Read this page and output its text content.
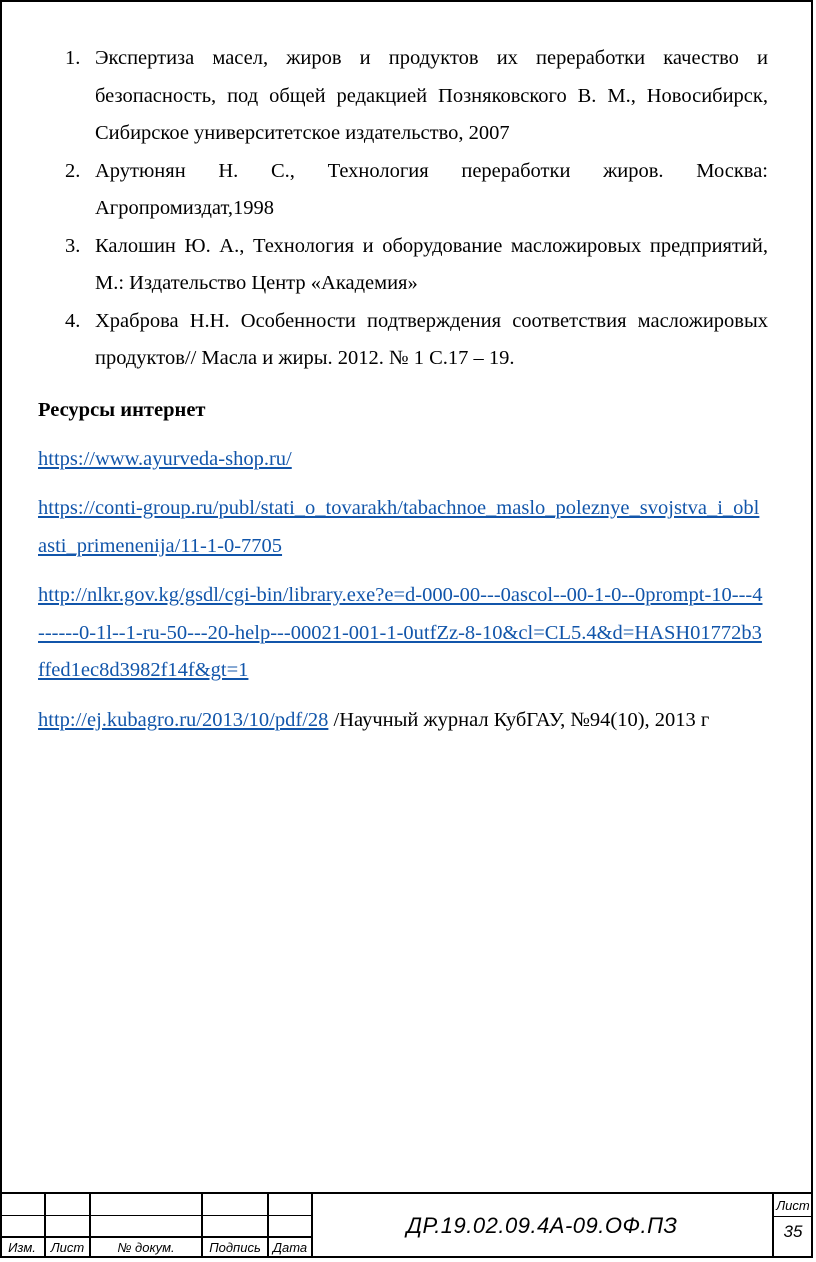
1. Экспертиза масел, жиров и продуктов их переработки качество и безопасность, под общей редакцией Позняковского В. М., Новосибирск, Сибирское университетское издательство, 2007
2. Арутюнян Н. С., Технология переработки жиров. Москва: Агропромиздат,1998
3. Калошин Ю. А., Технология и оборудование масложировых предприятий, М.: Издательство Центр «Академия»
4. Храброва Н.Н. Особенности подтверждения соответствия масложировых продуктов// Масла и жиры. 2012. № 1 С.17 – 19.
Ресурсы интернет
https://www.ayurveda-shop.ru/
https://conti-group.ru/publ/stati_o_tovarakh/tabachnoe_maslo_poleznye_svojstva_i_oblasti_primenenija/11-1-0-7705
http://nlkr.gov.kg/gsdl/cgi-bin/library.exe?e=d-000-00---0ascol--00-1-0--0prompt-10---4------0-1l--1-ru-50---20-help---00021-001-1-0utfZz-8-10&cl=CL5.4&d=HASH01772b3ffed1ec8d3982f14f&gt=1
http://ej.kubagro.ru/2013/10/pdf/28 /Научный журнал КубГАУ, №94(10), 2013 г
Изм.	Лист	№ докум.	Подпись Дата
ДР.19.02.09.4А-09.ОФ.ПЗ
Лист
35
